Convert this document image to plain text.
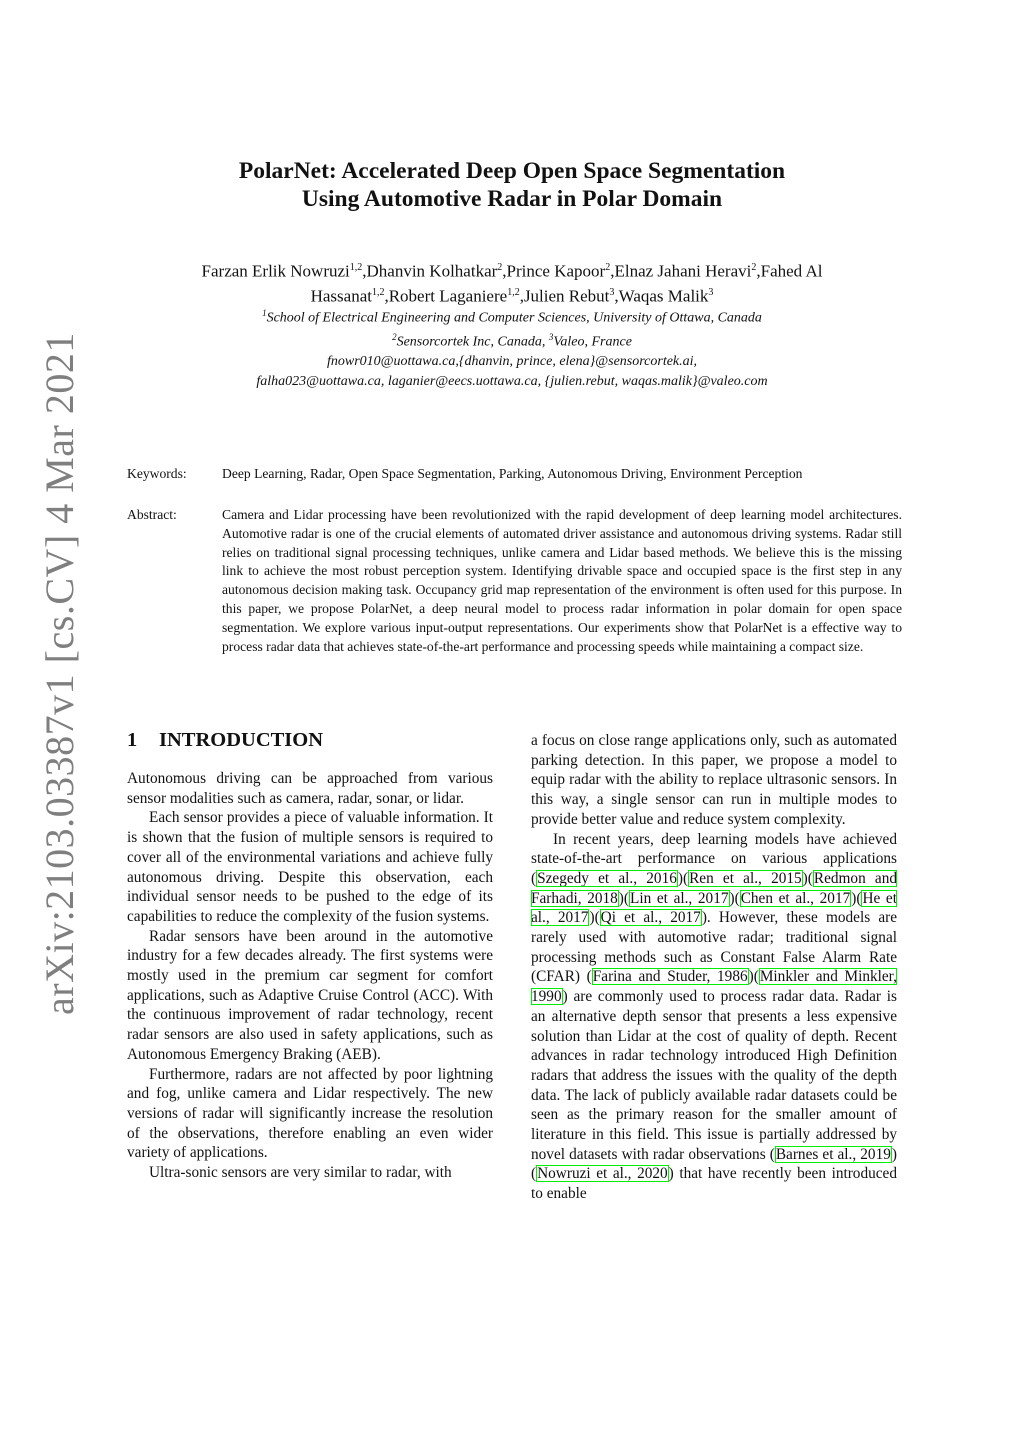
arXiv:2103.03387v1 [cs.CV] 4 Mar 2021
PolarNet: Accelerated Deep Open Space Segmentation
Using Automotive Radar in Polar Domain
Farzan Erlik Nowruzi$^{1,2}$,Dhanvin Kolhatkar$^2$,Prince Kapoor$^2$,Elnaz Jahani Heravi$^2$,Fahed Al Hassanat$^{1,2}$,Robert Laganiere$^{1,2}$,Julien Rebut$^3$,Waqas Malik$^3$
$^1$School of Electrical Engineering and Computer Sciences, University of Ottawa, Canada
$^2$Sensorcortek Inc, Canada, $^3$Valeo, France
fnowr010@uottawa.ca,{dhanvin, prince, elena}@sensorcortek.ai,
falha023@uottawa.ca, laganier@eecs.uottawa.ca, {julien.rebut, waqas.malik}@valeo.com
Keywords:	Deep Learning, Radar, Open Space Segmentation, Parking, Autonomous Driving, Environment Perception
Abstract:	Camera and Lidar processing have been revolutionized with the rapid development of deep learning model architectures. Automotive radar is one of the crucial elements of automated driver assistance and autonomous driving systems. Radar still relies on traditional signal processing techniques, unlike camera and Lidar based methods. We believe this is the missing link to achieve the most robust perception system. Identifying drivable space and occupied space is the first step in any autonomous decision making task. Occupancy grid map representation of the environment is often used for this purpose. In this paper, we propose PolarNet, a deep neural model to process radar information in polar domain for open space segmentation. We explore various input-output representations. Our experiments show that PolarNet is a effective way to process radar data that achieves state-of-the-art performance and processing speeds while maintaining a compact size.
1	INTRODUCTION

Autonomous driving can be approached from various sensor modalities such as camera, radar, sonar, or lidar.

Each sensor provides a piece of valuable information. It is shown that the fusion of multiple sensors is required to cover all of the environmental variations and achieve fully autonomous driving. Despite this observation, each individual sensor needs to be pushed to the edge of its capabilities to reduce the complexity of the fusion systems.

Radar sensors have been around in the automotive industry for a few decades already. The first systems were mostly used in the premium car segment for comfort applications, such as Adaptive Cruise Control (ACC). With the continuous improvement of radar technology, recent radar sensors are also used in safety applications, such as Autonomous Emergency Braking (AEB).

Furthermore, radars are not affected by poor lightning and fog, unlike camera and Lidar respectively. The new versions of radar will significantly increase the resolution of the observations, therefore enabling an even wider variety of applications.

Ultra-sonic sensors are very similar to radar, with

a focus on close range applications only, such as automated parking detection. In this paper, we propose a model to equip radar with the ability to replace ultrasonic sensors. In this way, a single sensor can run in multiple modes to provide better value and reduce system complexity.

In recent years, deep learning models have achieved state-of-the-art performance on various applications (Szegedy et al., 2016)(Ren et al., 2015)(Redmon and Farhadi, 2018)(Lin et al., 2017)(Chen et al., 2017)(He et al., 2017)(Qi et al., 2017). However, these models are rarely used with automotive radar; traditional signal processing methods such as Constant False Alarm Rate (CFAR) (Farina and Studer, 1986)(Minkler and Minkler, 1990) are commonly used to process radar data. Radar is an alternative depth sensor that presents a less expensive solution than Lidar at the cost of quality of depth. Recent advances in radar technology introduced High Definition radars that address the issues with the quality of the depth data. The lack of publicly available radar datasets could be seen as the primary reason for the smaller amount of literature in this field. This issue is partially addressed by novel datasets with radar observations (Barnes et al., 2019)(Nowruzi et al., 2020) that have recently been introduced to enable
